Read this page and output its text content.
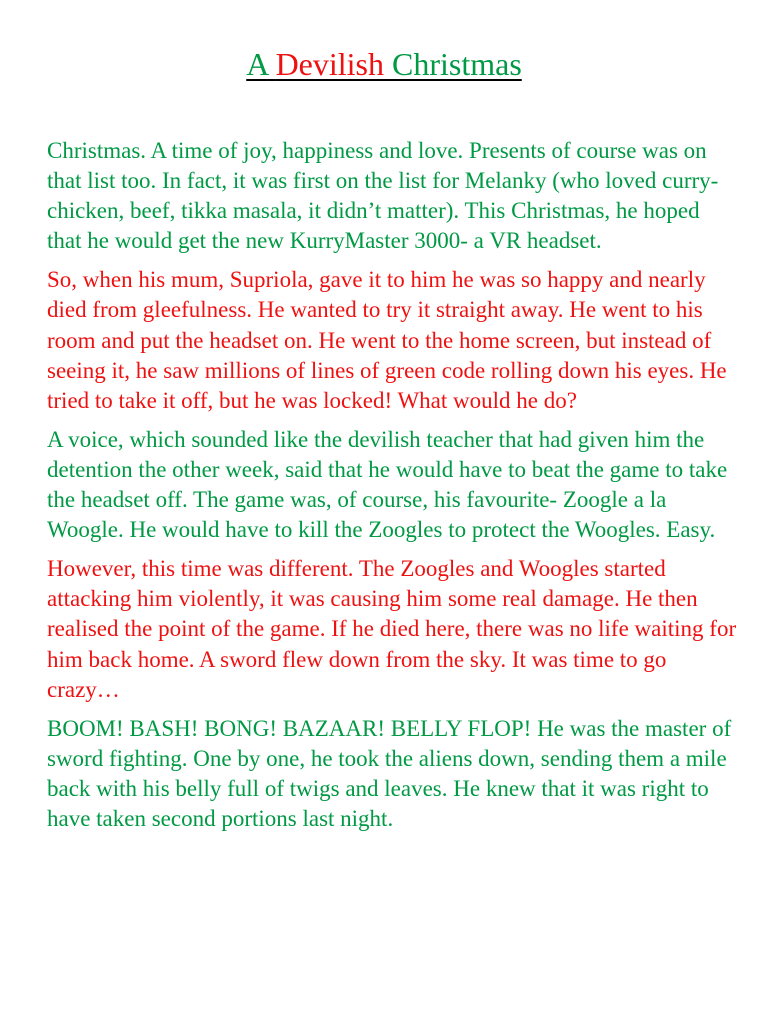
A Devilish Christmas

Christmas. A time of joy, happiness and love. Presents of course was on that list too. In fact, it was first on the list for Melanky (who loved curry- chicken, beef, tikka masala, it didn’t matter). This Christmas, he hoped that he would get the new KurryMaster 3000- a VR headset.

So, when his mum, Supriola, gave it to him he was so happy and nearly died from gleefulness. He wanted to try it straight away. He went to his room and put the headset on. He went to the home screen, but instead of seeing it, he saw millions of lines of green code rolling down his eyes. He tried to take it off, but he was locked! What would he do?

A voice, which sounded like the devilish teacher that had given him the detention the other week, said that he would have to beat the game to take the headset off. The game was, of course, his favourite- Zoogle a la Woogle. He would have to kill the Zoogles to protect the Woogles. Easy.

However, this time was different. The Zoogles and Woogles started attacking him violently, it was causing him some real damage. He then realised the point of the game. If he died here, there was no life waiting for him back home. A sword flew down from the sky. It was time to go crazy…

BOOM! BASH! BONG! BAZAAR! BELLY FLOP! He was the master of sword fighting. One by one, he took the aliens down, sending them a mile back with his belly full of twigs and leaves. He knew that it was right to have taken second portions last night.
